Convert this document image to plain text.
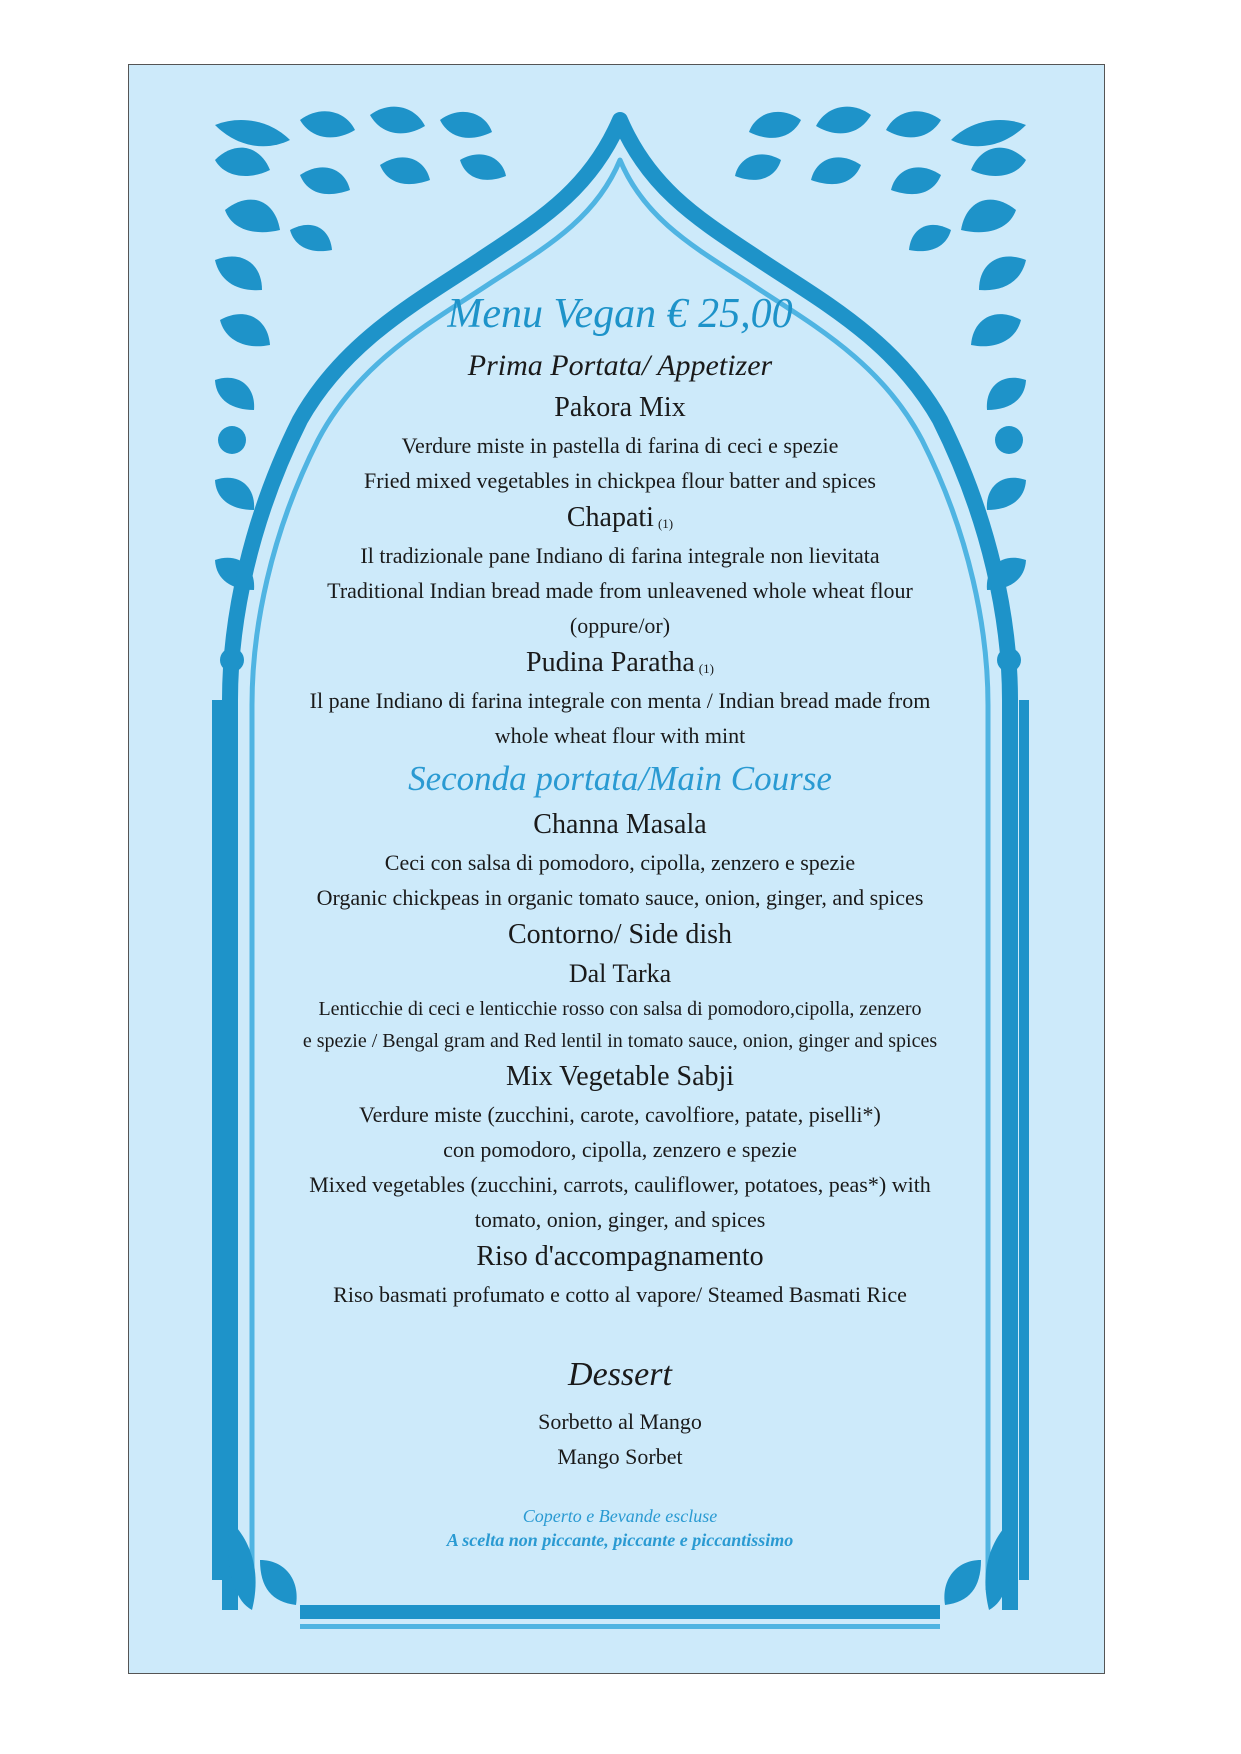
Menu Vegan € 25,00

Prima Portata/ Appetizer

Pakora Mix

Verdure miste in pastella di farina di ceci e spezie

Fried mixed vegetables in chickpea flour batter and spices

Chapati $^{(1)}$

Il tradizionale pane Indiano di farina integrale non lievitata

Traditional Indian bread made from unleavened whole wheat flour

(oppure/or)

Pudina Paratha $^{(1)}$

Il pane Indiano di farina integrale con menta / Indian bread made from

whole wheat flour with mint

Seconda portata/Main Course

Channa Masala

Ceci con salsa di pomodoro, cipolla, zenzero e spezie

Organic chickpeas in organic tomato sauce, onion, ginger, and spices

Contorno/ Side dish

Dal Tarka

Lenticchie di ceci e lenticchie rosso con salsa di pomodoro,cipolla, zenzero

e spezie / Bengal gram and Red lentil in tomato sauce, onion, ginger and spices

Mix Vegetable Sabji

Verdure miste (zucchini, carote, cavolfiore, patate, piselli*)

con pomodoro, cipolla, zenzero e spezie

Mixed vegetables (zucchini, carrots, cauliflower, potatoes, peas*) with

tomato, onion, ginger, and spices

Riso d'accompagnamento

Riso basmati profumato e cotto al vapore/ Steamed Basmati Rice

Dessert

Sorbetto al Mango

Mango Sorbet

Coperto e Bevande escluse

A scelta non piccante, piccante e piccantissimo
